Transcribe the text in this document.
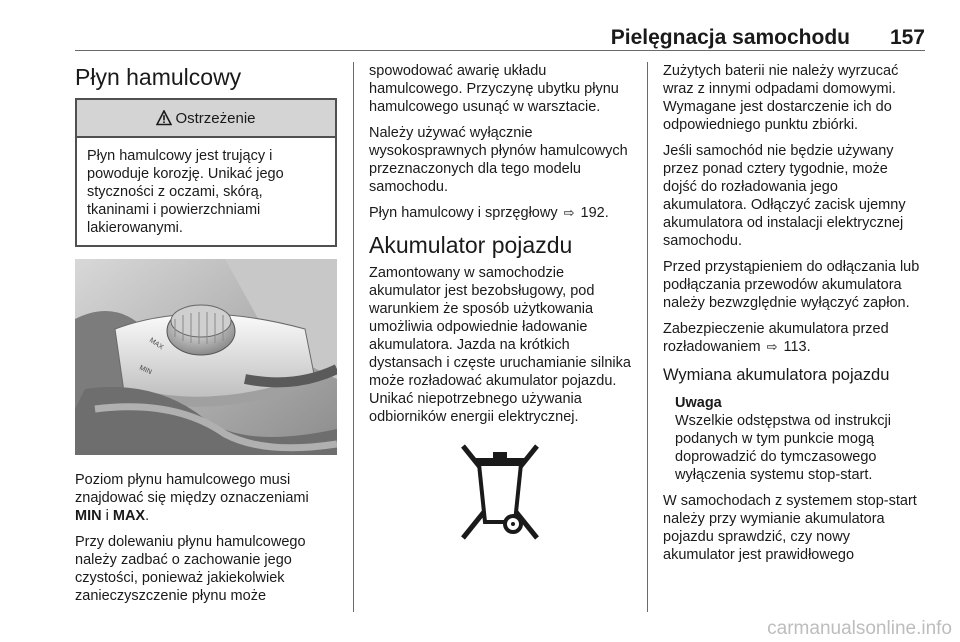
Pielęgnacja samochodu 157
Płyn hamulcowy
Ostrzeżenie
Płyn hamulcowy jest trujący i powoduje korozję. Unikać jego styczności z oczami, skórą, tkaninami i powierzchniami lakierowanymi.
MAX
MIN

Poziom płynu hamulcowego musi znajdować się między oznaczeniami MIN i MAX.

Przy dolewaniu płynu hamulcowego należy zadbać o zachowanie jego czystości, ponieważ jakiekolwiek zanieczyszczenie płynu może

spowodować awarię układu hamulcowego. Przyczynę ubytku płynu hamulcowego usunąć w warsztacie.

Należy używać wyłącznie wysokosprawnych płynów hamulcowych przeznaczonych dla tego modelu samochodu.

Płyn hamulcowy i sprzęgłowy ⇨ 192.

Akumulator pojazdu

Zamontowany w samochodzie akumulator jest bezobsługowy, pod warunkiem że sposób użytkowania umożliwia odpowiednie ładowanie akumulatora. Jazda na krótkich dystansach i częste uruchamianie silnika może rozładować akumulator pojazdu. Unikać niepotrzebnego używania odbiorników energii elektrycznej.

Zużytych baterii nie należy wyrzucać wraz z innymi odpadami domowymi. Wymagane jest dostarczenie ich do odpowiedniego punktu zbiórki.

Jeśli samochód nie będzie używany przez ponad cztery tygodnie, może dojść do rozładowania jego akumulatora. Odłączyć zacisk ujemny akumulatora od instalacji elektrycznej samochodu.

Przed przystąpieniem do odłączania lub podłączania przewodów akumulatora należy bezwzględnie wyłączyć zapłon.

Zabezpieczenie akumulatora przed rozładowaniem ⇨ 113.

Wymiana akumulatora pojazdu
Uwaga
Wszelkie odstępstwa od instrukcji podanych w tym punkcie mogą doprowadzić do tymczasowego wyłączenia systemu stop-start.

W samochodach z systemem stop-start należy przy wymianie akumulatora pojazdu sprawdzić, czy nowy akumulator jest prawidłowego

carmanualsonline.info
